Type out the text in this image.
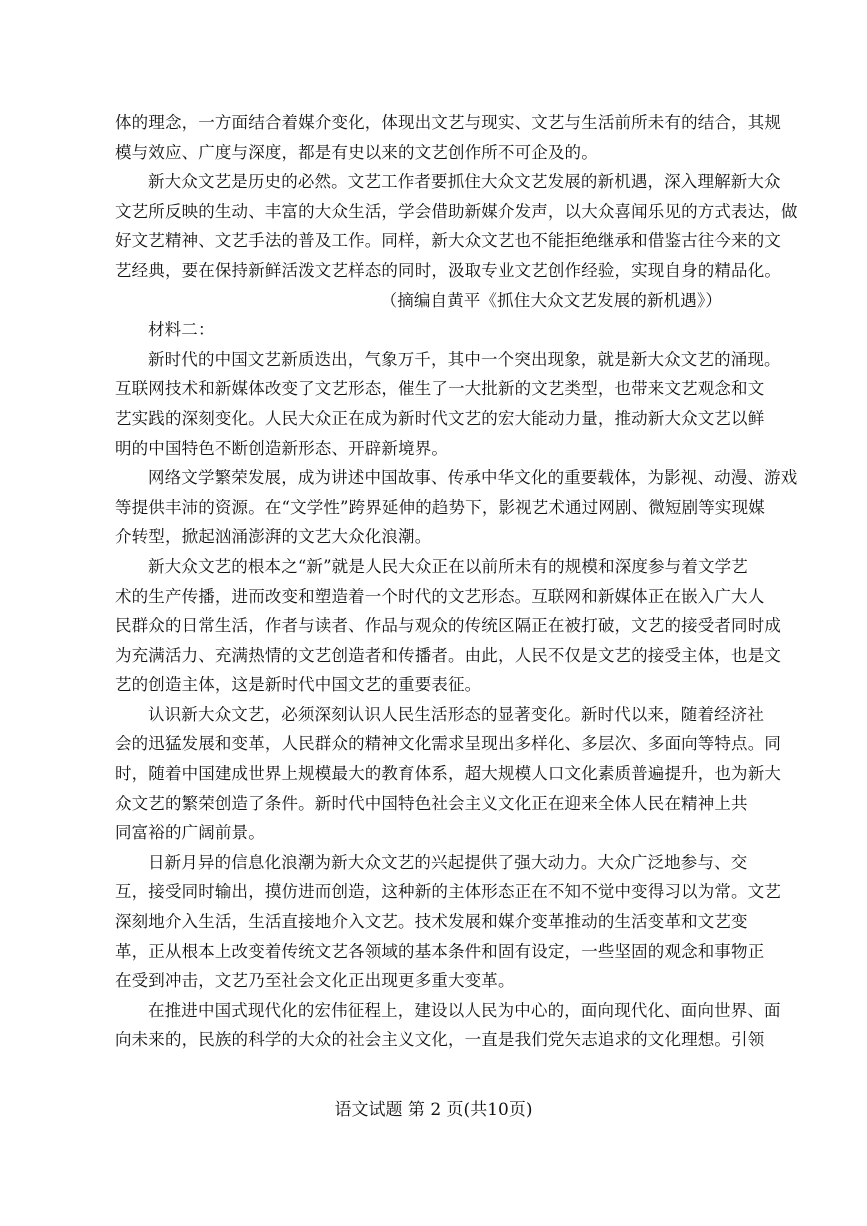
体的理念，一方面结合着媒介变化，体现出文艺与现实、文艺与生活前所未有的结合，其规
模与效应、广度与深度，都是有史以来的文艺创作所不可企及的。
新大众文艺是历史的必然。文艺工作者要抓住大众文艺发展的新机遇，深入理解新大众
文艺所反映的生动、丰富的大众生活，学会借助新媒介发声，以大众喜闻乐见的方式表达，做
好文艺精神、文艺手法的普及工作。同样，新大众文艺也不能拒绝继承和借鉴古往今来的文
艺经典，要在保持新鲜活泼文艺样态的同时，汲取专业文艺创作经验，实现自身的精品化。
（摘编自黄平《抓住大众文艺发展的新机遇》）
材料二：
新时代的中国文艺新质迭出，气象万千，其中一个突出现象，就是新大众文艺的涌现。
互联网技术和新媒体改变了文艺形态，催生了一大批新的文艺类型，也带来文艺观念和文
艺实践的深刻变化。人民大众正在成为新时代文艺的宏大能动力量，推动新大众文艺以鲜
明的中国特色不断创造新形态、开辟新境界。
网络文学繁荣发展，成为讲述中国故事、传承中华文化的重要载体，为影视、动漫、游戏
等提供丰沛的资源。在“文学性”跨界延伸的趋势下，影视艺术通过网剧、微短剧等实现媒
介转型，掀起汹涌澎湃的文艺大众化浪潮。
新大众文艺的根本之“新”就是人民大众正在以前所未有的规模和深度参与着文学艺
术的生产传播，进而改变和塑造着一个时代的文艺形态。互联网和新媒体正在嵌入广大人
民群众的日常生活，作者与读者、作品与观众的传统区隔正在被打破，文艺的接受者同时成
为充满活力、充满热情的文艺创造者和传播者。由此，人民不仅是文艺的接受主体，也是文
艺的创造主体，这是新时代中国文艺的重要表征。
认识新大众文艺，必须深刻认识人民生活形态的显著变化。新时代以来，随着经济社
会的迅猛发展和变革，人民群众的精神文化需求呈现出多样化、多层次、多面向等特点。同
时，随着中国建成世界上规模最大的教育体系，超大规模人口文化素质普遍提升，也为新大
众文艺的繁荣创造了条件。新时代中国特色社会主义文化正在迎来全体人民在精神上共
同富裕的广阔前景。
日新月异的信息化浪潮为新大众文艺的兴起提供了强大动力。大众广泛地参与、交
互，接受同时输出，摸仿进而创造，这种新的主体形态正在不知不觉中变得习以为常。文艺
深刻地介入生活，生活直接地介入文艺。技术发展和媒介变革推动的生活变革和文艺变
革，正从根本上改变着传统文艺各领域的基本条件和固有设定，一些坚固的观念和事物正
在受到冲击，文艺乃至社会文化正出现更多重大变革。
在推进中国式现代化的宏伟征程上，建设以人民为中心的，面向现代化、面向世界、面
向未来的，民族的科学的大众的社会主义文化，一直是我们党矢志追求的文化理想。引领
语文试题 第 2 页(共10页)
